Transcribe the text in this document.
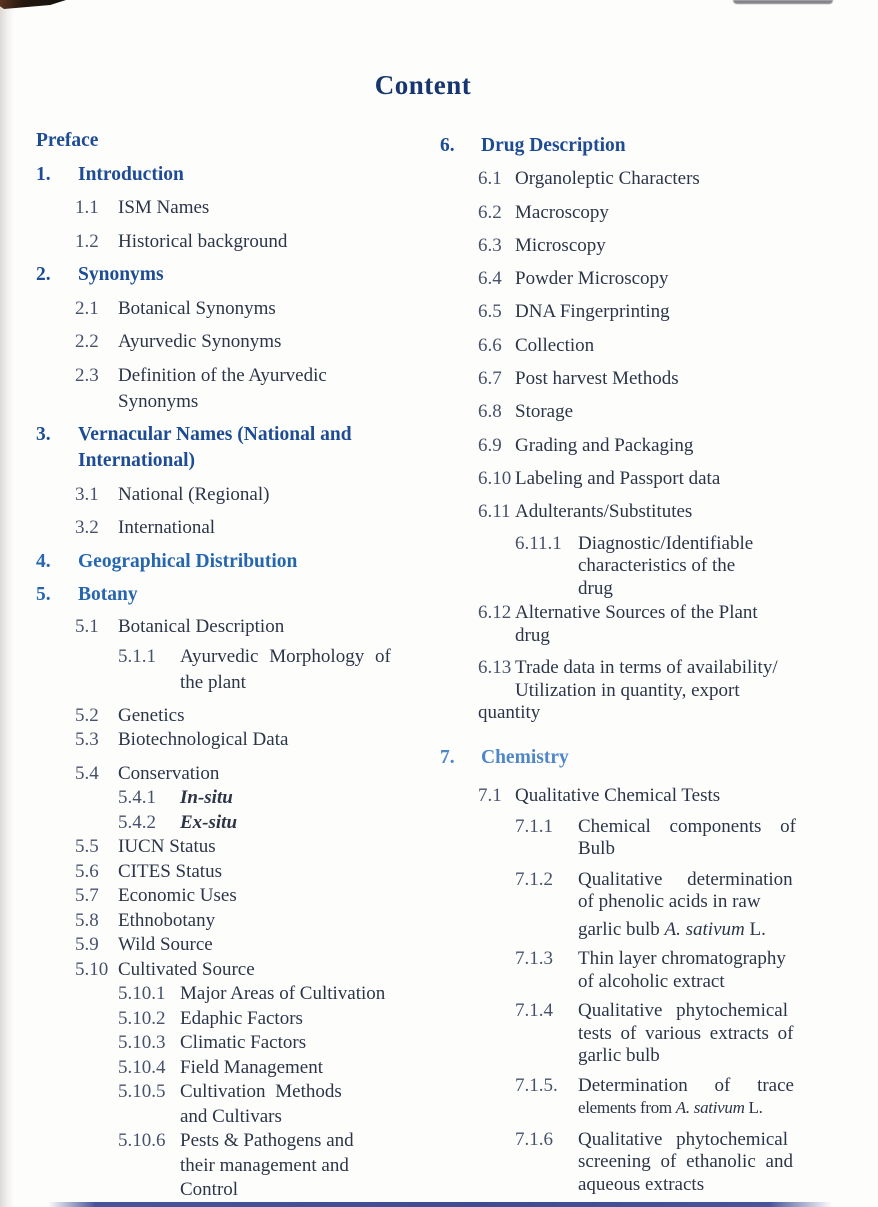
Content
Preface
1.	Introduction
1.1	ISM Names
1.2	Historical background
2.	Synonyms
2.1	Botanical Synonyms
2.2	Ayurvedic Synonyms
2.3	Definition of the Ayurvedic
Synonyms
3.	Vernacular Names (National and
International)
3.1	National (Regional)
3.2	International
4.	Geographical Distribution
5.	Botany
5.1	Botanical Description
5.1.1	Ayurvedic Morphology of
the plant
5.2	Genetics
5.3	Biotechnological Data
5.4	Conservation
5.4.1	In-situ
5.4.2	Ex-situ
5.5	IUCN Status
5.6	CITES Status
5.7	Economic Uses
5.8	Ethnobotany
5.9	Wild Source
5.10 Cultivated Source
5.10.1 Major Areas of Cultivation
5.10.2 Edaphic Factors
5.10.3 Climatic Factors
5.10.4 Field Management
5.10.5 Cultivation Methods
and Cultivars
5.10.6 Pests & Pathogens and
their management and
Control
6.	Drug Description
6.1 Organoleptic Characters
6.2 Macroscopy
6.3 Microscopy
6.4 Powder Microscopy
6.5 DNA Fingerprinting
6.6 Collection
6.7 Post harvest Methods
6.8 Storage
6.9 Grading and Packaging
6.10 Labeling and Passport data
6.11 Adulterants/Substitutes
6.11.1 Diagnostic/Identifiable
characteristics of the
drug
6.12 Alternative Sources of the Plant
drug
6.13 Trade data in terms of availability/
Utilization in quantity, export
quantity
7.	Chemistry
7.1 Qualitative Chemical Tests
7.1.1	Chemical components of
Bulb
7.1.2	Qualitative determination
of phenolic acids in raw
garlic bulb A. sativum L.
7.1.3	Thin layer chromatography
of alcoholic extract
7.1.4	Qualitative phytochemical
tests of various extracts of
garlic bulb
7.1.5.	Determination of trace
elements from A. sativum L.
7.1.6	Qualitative phytochemical
screening of ethanolic and
aqueous extracts
